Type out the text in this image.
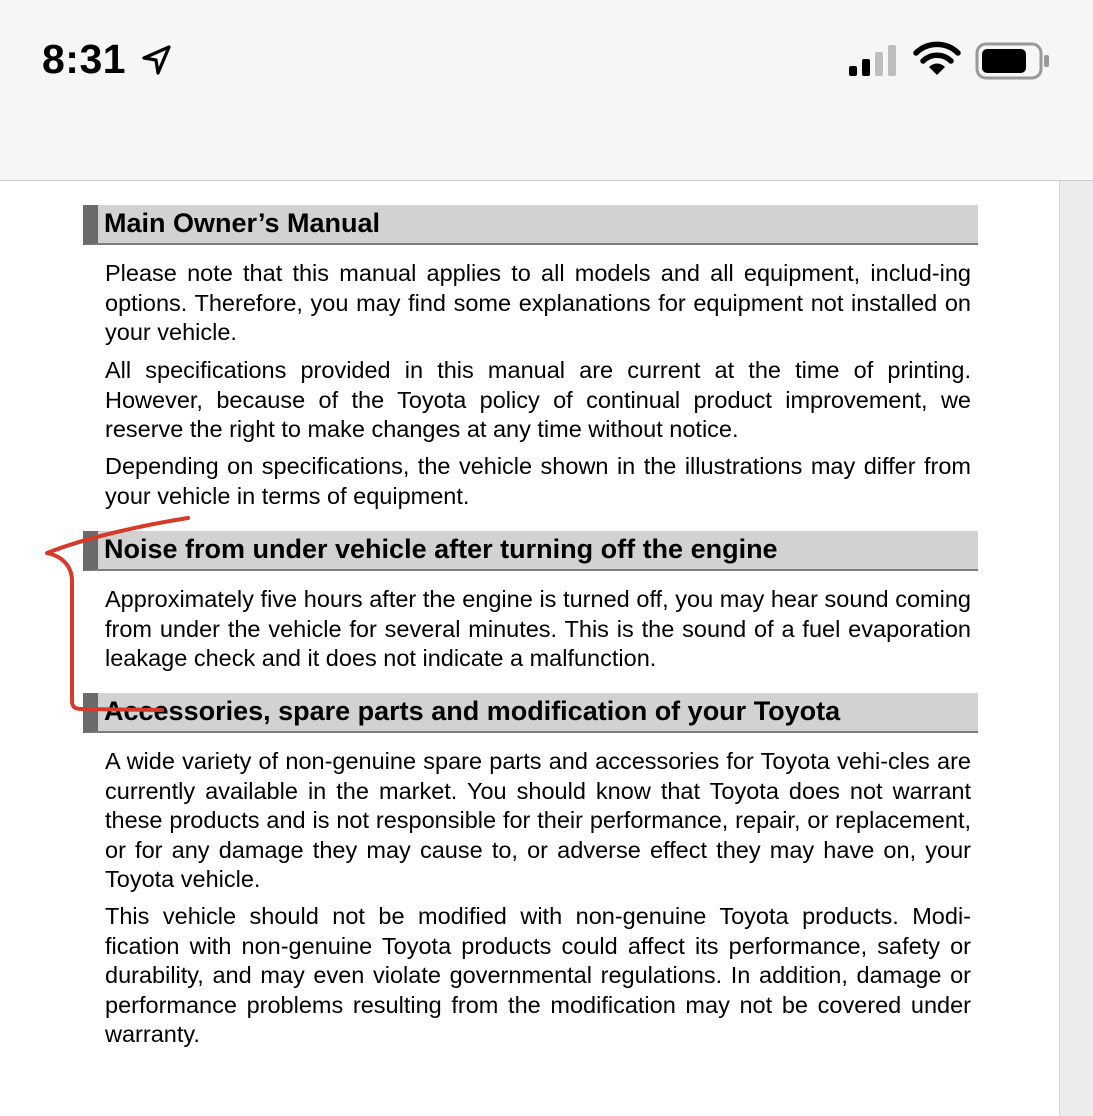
8:31
Main Owner’s Manual

Please note that this manual applies to all models and all equipment, includ-ing options. Therefore, you may find some explanations for equipment not installed on your vehicle.

All specifications provided in this manual are current at the time of printing. However, because of the Toyota policy of continual product improvement, we reserve the right to make changes at any time without notice.

Depending on specifications, the vehicle shown in the illustrations may differ from your vehicle in terms of equipment.

Noise from under vehicle after turning off the engine

Approximately five hours after the engine is turned off, you may hear sound coming from under the vehicle for several minutes. This is the sound of a fuel evaporation leakage check and it does not indicate a malfunction.

Accessories, spare parts and modification of your Toyota

A wide variety of non-genuine spare parts and accessories for Toyota vehi-cles are currently available in the market. You should know that Toyota does not warrant these products and is not responsible for their performance, repair, or replacement, or for any damage they may cause to, or adverse effect they may have on, your Toyota vehicle.

This vehicle should not be modified with non-genuine Toyota products. Modi-fication with non-genuine Toyota products could affect its performance, safety or durability, and may even violate governmental regulations. In addition, damage or performance problems resulting from the modification may not be covered under warranty.
